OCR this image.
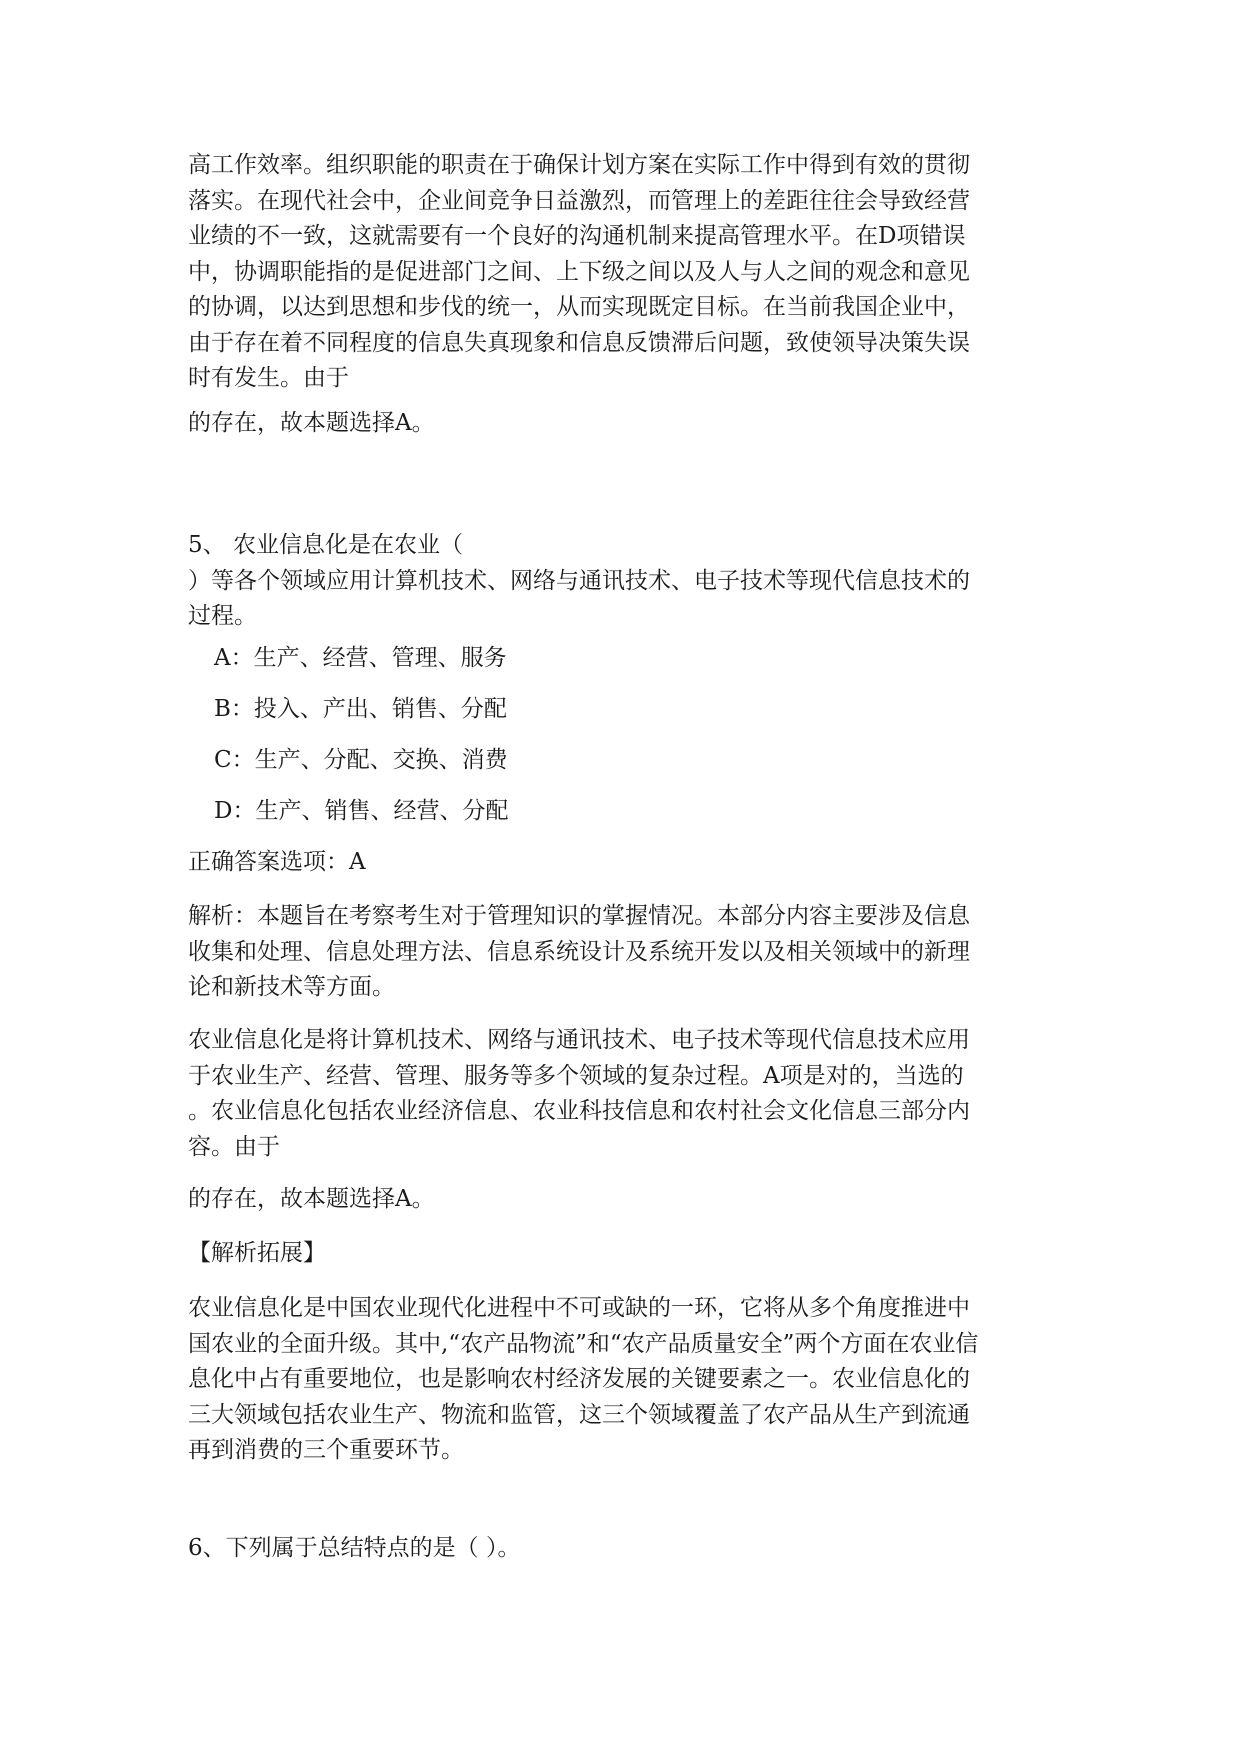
高工作效率。组织职能的职责在于确保计划方案在实际工作中得到有效的贯彻
落实。在现代社会中，企业间竞争日益激烈，而管理上的差距往往会导致经营
业绩的不一致，这就需要有一个良好的沟通机制来提高管理水平。在D项错误
中，协调职能指的是促进部门之间、上下级之间以及人与人之间的观念和意见
的协调，以达到思想和步伐的统一，从而实现既定目标。在当前我国企业中，
由于存在着不同程度的信息失真现象和信息反馈滞后问题，致使领导决策失误
时有发生。由于

的存在，故本题选择A。

5、 农业信息化是在农业（
）等各个领域应用计算机技术、网络与通讯技术、电子技术等现代信息技术的
过程。

A：生产、经营、管理、服务

B：投入、产出、销售、分配

C：生产、分配、交换、消费

D：生产、销售、经营、分配

正确答案选项：A

解析：本题旨在考察考生对于管理知识的掌握情况。本部分内容主要涉及信息
收集和处理、信息处理方法、信息系统设计及系统开发以及相关领域中的新理
论和新技术等方面。

农业信息化是将计算机技术、网络与通讯技术、电子技术等现代信息技术应用
于农业生产、经营、管理、服务等多个领域的复杂过程。A项是对的，当选的
。农业信息化包括农业经济信息、农业科技信息和农村社会文化信息三部分内
容。由于

的存在，故本题选择A。

【解析拓展】

农业信息化是中国农业现代化进程中不可或缺的一环，它将从多个角度推进中
国农业的全面升级。其中,“农产品物流”和“农产品质量安全”两个方面在农业信
息化中占有重要地位，也是影响农村经济发展的关键要素之一。农业信息化的
三大领域包括农业生产、物流和监管，这三个领域覆盖了农产品从生产到流通
再到消费的三个重要环节。

6、下列属于总结特点的是（ ）。
